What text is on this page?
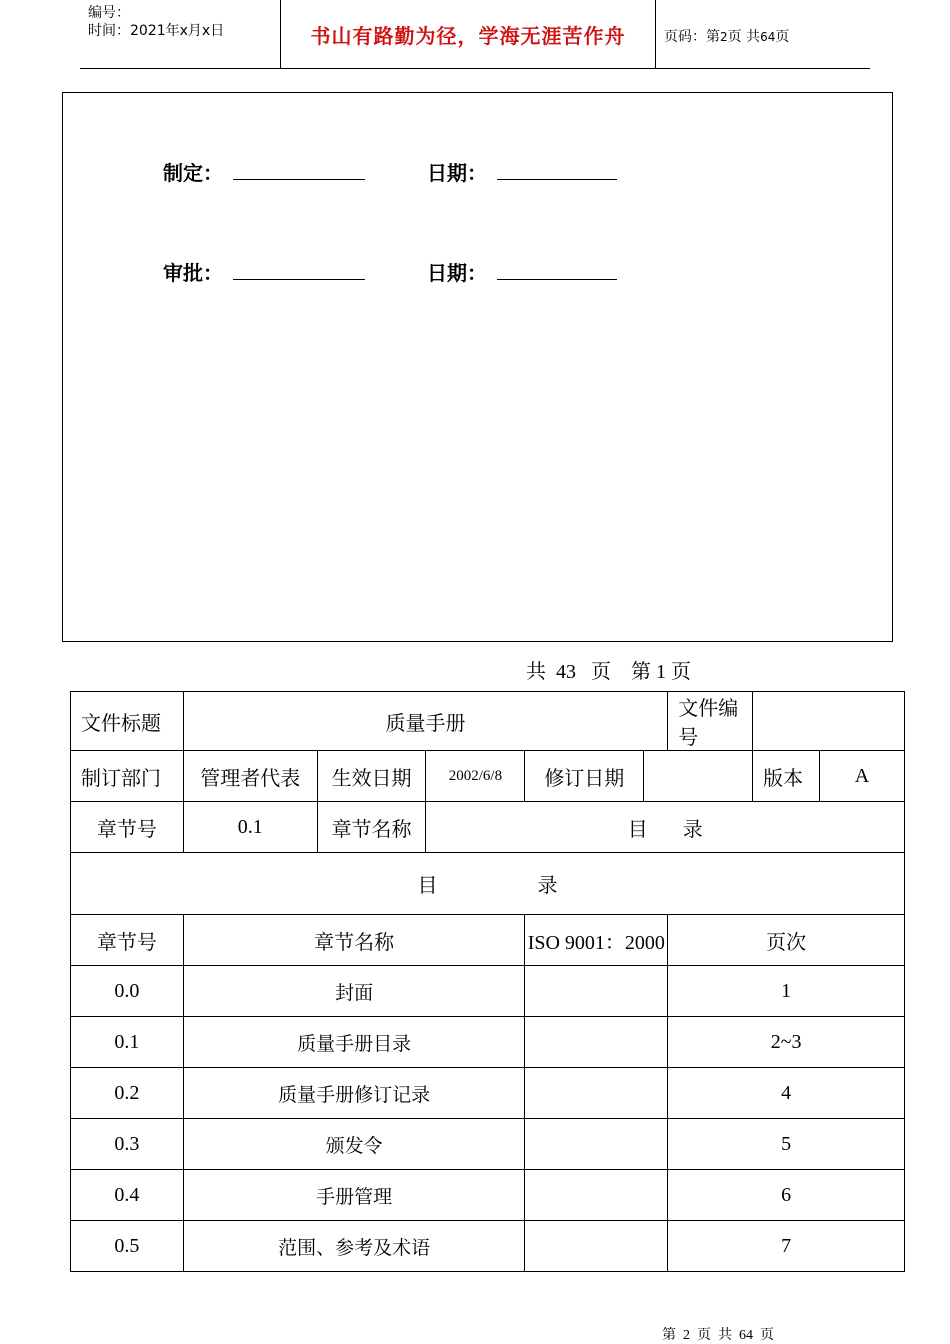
编号：
时间：2021年x月x日	书山有路勤为径，学海无涯苦作舟	页码：第2页 共64页
制定：	日期：
审批：	日期：
共  43   页    第 1 页
文件标题	质量手册					文件编号		
制订部门	管理者代表	生效日期	2002/6/8	修订日期			版本	A
章节号	0.1	章节名称	目       录					
目                    录								
章节号	章节名称			ISO 9001：2000		页次		
0.0	封面					1		
0.1	质量手册目录					2~3		
0.2	质量手册修订记录					4		
0.3	颁发令					5		
0.4	手册管理					6		
0.5	范围、参考及术语					7		
第  2  页  共  64  页
